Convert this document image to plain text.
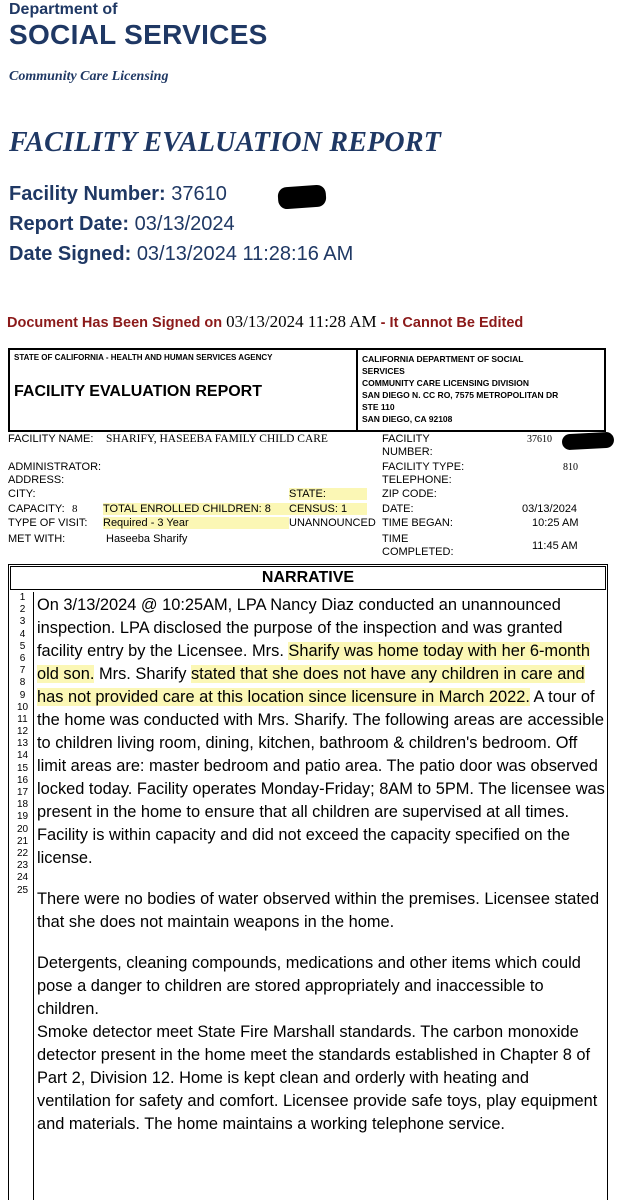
Department of
SOCIAL SERVICES
Community Care Licensing
FACILITY EVALUATION REPORT
Facility Number: 37610
Report Date: 03/13/2024
Date Signed: 03/13/2024 11:28:16 AM
Document Has Been Signed on 03/13/2024 11:28 AM - It Cannot Be Edited
STATE OF CALIFORNIA - HEALTH AND HUMAN SERVICES AGENCY
FACILITY EVALUATION REPORT
CALIFORNIA DEPARTMENT OF SOCIAL
SERVICES
COMMUNITY CARE LICENSING DIVISION
SAN DIEGO N. CC RO, 7575 METROPOLITAN DR
STE 110
SAN DIEGO, CA 92108
FACILITY NAME: SHARIFY, HASEEBA FAMILY CHILD CARE	FACILITY
NUMBER:
37610
ADMINISTRATOR:	FACILITY TYPE:	810
ADDRESS:	TELEPHONE:
CITY:	STATE:	ZIP CODE:
CAPACITY: 8 TOTAL ENROLLED CHILDREN: 8	CENSUS: 1	DATE:	03/13/2024
TYPE OF VISIT: Required - 3 Year	UNANNOUNCED TIME BEGAN:	10:25 AM
MET WITH:	Haseeba Sharify	TIME
COMPLETED:	11:45 AM
NARRATIVE
1
2
3
4
5
6
7
8
9
10
11
12
13
14
15
16
17
18
19
20
21
22
23
24
25

On 3/13/2024 @ 10:25AM, LPA Nancy Diaz conducted an unannounced inspection. LPA disclosed the purpose of the inspection and was granted facility entry by the Licensee. Mrs. Sharify was home today with her 6-month old son. Mrs. Sharify stated that she does not have any children in care and has not provided care at this location since licensure in March 2022. A tour of the home was conducted with Mrs. Sharify. The following areas are accessible to children living room, dining, kitchen, bathroom & children's bedroom. Off limit areas are: master bedroom and patio area. The patio door was observed locked today. Facility operates Monday-Friday; 8AM to 5PM. The licensee was present in the home to ensure that all children are supervised at all times. Facility is within capacity and did not exceed the capacity specified on the license.

There were no bodies of water observed within the premises. Licensee stated that she does not maintain weapons in the home.

Detergents, cleaning compounds, medications and other items which could pose a danger to children are stored appropriately and inaccessible to children.

Smoke detector meet State Fire Marshall standards. The carbon monoxide detector present in the home meet the standards established in Chapter 8 of Part 2, Division 12. Home is kept clean and orderly with heating and ventilation for safety and comfort. Licensee provide safe toys, play equipment and materials. The home maintains a working telephone service.
